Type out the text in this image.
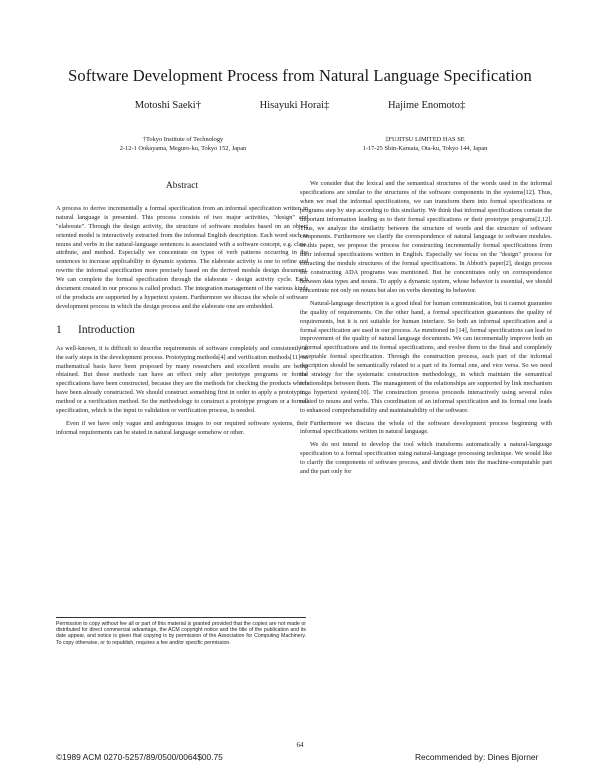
Software Development Process from Natural Language Specification
Motoshi Saeki†	Hisayuki Horai‡	Hajime Enomoto‡
†Tokyo Institute of Technology
2-12-1 Ookayama, Meguro-ku, Tokyo 152, Japan
‡FUJITSU LIMITED HAS SE
1-17-25 Shin-Kamata, Ota-ku, Tokyo 144, Japan
Abstract

A process to derive incrementally a formal specification from an informal specification written in natural language is presented. This process consists of two major activities, "design" and "elaborate". Through the design activity, the structure of software modules based on an object oriented model is interactively extracted from the informal English description. Each word such as nouns and verbs in the natural-language sentences is associated with a software concept, e.g. class, attribute, and method. Especially we concentrate on types of verb patterns occurring in the sentences to increase applicability to dynamic systems. The elaborate activity is one to refine and rewrite the informal specification more precisely based on the derived module design document. We can complete the formal specification through the elaborate - design activity cycle. Each document created in our process is called product. The integration management of the various kinds of the products are supported by a hypertext system. Furthermore we discuss the whole of software development process in which the design process and the elaborate one are embedded.

1 Introduction

As well-known, it is difficult to describe requirements of software completely and consistently at the early steps in the development process. Prototyping methods[4] and verification methods[11] on mathematical basis have been proposed by many researchers and excellent results are being obtained. But these methods can have an effect only after prototype programs or formal specifications have been constructed, because they are the methods for checking the products which have been already constructed. We should construct something first in order to apply a prototyping method or a verification method. So the methodology to construct a prototype program or a formal specification, which is the input to validation or verification process, is needed.

Even if we have only vague and ambiguous images to our required software systems, their informal requirements can be stated in natural language somehow or other.

We consider that the lexical and the semantical structures of the words used in the informal specifications are similar to the structures of the software components in the systems[12]. Thus, when we read the informal specifications, we can transform them into formal specifications or programs step by step according to this similarity. We think that informal specifications contain the important information leading us to their formal specifications or their prototype programs[2,12]. Thus, we analyze the similarity between the structure of words and the structure of software components. Furthermore we clarify the correspondence of natural language to software modules. In this paper, we propose the process for constructing incrementally formal specifications from their informal specifications written in English. Especially we focus on the "design" process for extracting the module structures of the formal specifications. In Abbott's paper[2], design process for constructing ADA programs was mentioned. But he concentrates only on correspondence between data types and nouns. To apply a dynamic system, whose behavior is essential, we should concentrate not only on nouns but also on verbs denoting its behavior.

Natural-language description is a good ideal for human communication, but it cannot guarantee the quality of requirements. On the other hand, a formal specification guarantees the quality of requirements, but it is not suitable for human interface. So both an informal specification and a formal specification are used in our process. As mentioned in [14], formal specifications can lead to improvement of the quality of natural language documents. We can incrementally improve both an informal specifications and its formal specifications, and evolve them to the final and completely acceptable formal specification. Through the construction process, each part of the informal description should be semantically related to a part of its formal one, and vice versa. So we need the strategy for the systematic construction methodology, in which maintain the semantical relationships between them. The management of the relationships are supported by link mechanism in a hypertext system[10]. The construction process proceeds interactively using several rules related to nouns and verbs. This coordination of an informal specification and its formal one leads to enhanced comprehensibility and maintainability of the software.

Furthermore we discuss the whole of the software development process beginning with informal specifications written in natural language.

We do not intend to develop the tool which transforms automatically a natural-language specification to a formal specification using natural-language processing technique. We would like to clarify the components of software process, and divide them into the machine-computable part and the part only for

Permission to copy without fee all or part of this material is granted provided that the copies are not made or distributed for direct commercial advantage, the ACM copyright notice and the title of the publication and its date appear, and notice is given that copying is by permission of the Association for Computing Machinery. To copy otherwise, or to republish, requires a fee and/or specific permission.
64
©1989 ACM 0270-5257/89/0500/0064$00.75	Recommended by: Dines Bjorner
